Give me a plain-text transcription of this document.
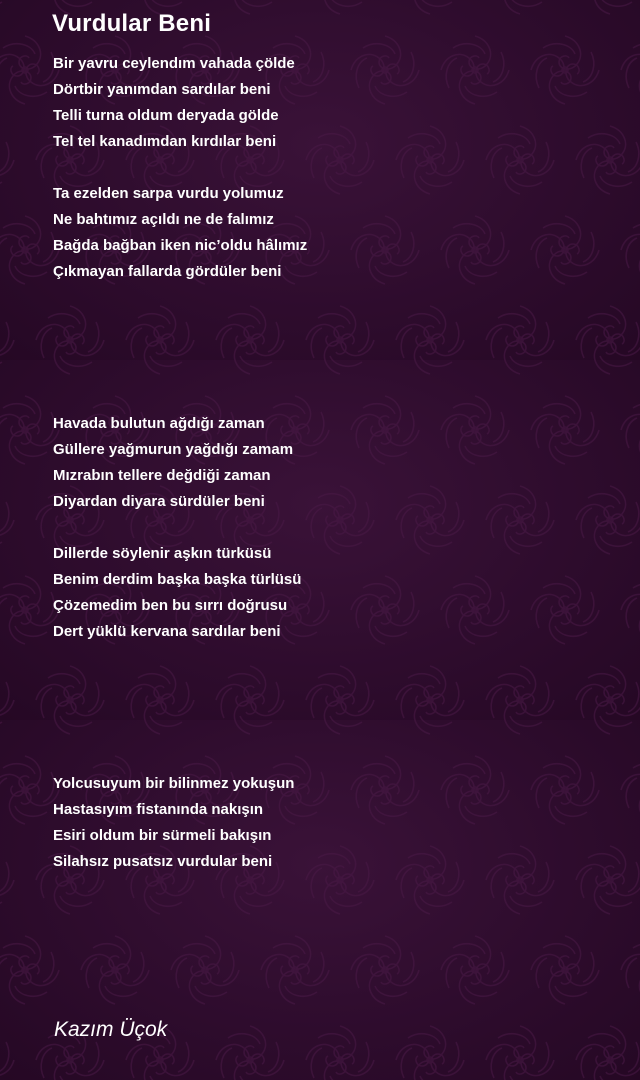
Vurdular Beni
Bir yavru ceylendım vahada çölde
Dörtbir yanımdan sardılar beni
Telli turna oldum deryada gölde
Tel tel kanadımdan kırdılar beni
Ta ezelden sarpa vurdu yolumuz
Ne bahtımız açıldı ne de falımız
Bağda bağban iken nic’oldu hâlımız
Çıkmayan fallarda gördüler beni
Havada bulutun ağdığı zaman
Güllere yağmurun yağdığı zamam
Mızrabın tellere değdiği zaman
Diyardan diyara sürdüler beni
Dillerde söylenir aşkın türküsü
Benim derdim başka başka türlüsü
Çözemedim ben bu sırrı doğrusu
Dert yüklü kervana sardılar beni
Yolcusuyum bir bilinmez yokuşun
Hastasıyım fistanında nakışın
Esiri oldum bir sürmeli bakışın
Silahsız pusatsız vurdular beni
Kazım Üçok
